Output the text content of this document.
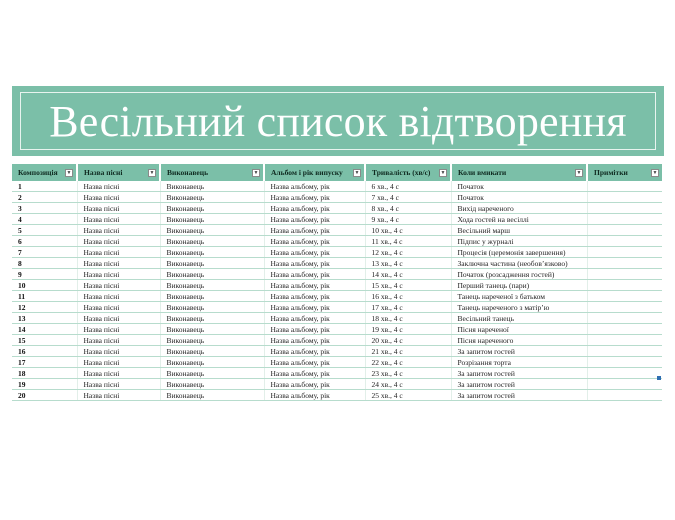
Весільний список відтворення
Композиція ▼	Назва пісні ▼	Виконавець ▼	Альбом і рік випуску ▼	Тривалість (хв/с) ▼	Коли вмикати ▼	Примітки ▼

1	Назва пісні	Виконавець	Назва альбому, рік	6 хв., 4 с	Початок	
2	Назва пісні	Виконавець	Назва альбому, рік	7 хв., 4 с	Початок	
3	Назва пісні	Виконавець	Назва альбому, рік	8 хв., 4 с	Вихід нареченого	
4	Назва пісні	Виконавець	Назва альбому, рік	9 хв., 4 с	Хода гостей на весіллі	
5	Назва пісні	Виконавець	Назва альбому, рік	10 хв., 4 с	Весільний марш	
6	Назва пісні	Виконавець	Назва альбому, рік	11 хв., 4 с	Підпис у журналі	
7	Назва пісні	Виконавець	Назва альбому, рік	12 хв., 4 с	Процесія (церемонія завершення)	
8	Назва пісні	Виконавець	Назва альбому, рік	13 хв., 4 с	Заключна частина (необов’язково)	
9	Назва пісні	Виконавець	Назва альбому, рік	14 хв., 4 с	Початок (розсадження гостей)	
10	Назва пісні	Виконавець	Назва альбому, рік	15 хв., 4 с	Перший танець (пари)	
11	Назва пісні	Виконавець	Назва альбому, рік	16 хв., 4 с	Танець нареченої з батьком	
12	Назва пісні	Виконавець	Назва альбому, рік	17 хв., 4 с	Танець нареченого з матір’ю	
13	Назва пісні	Виконавець	Назва альбому, рік	18 хв., 4 с	Весільний танець	
14	Назва пісні	Виконавець	Назва альбому, рік	19 хв., 4 с	Пісня нареченої	
15	Назва пісні	Виконавець	Назва альбому, рік	20 хв., 4 с	Пісня нареченого	
16	Назва пісні	Виконавець	Назва альбому, рік	21 хв., 4 с	За запитом гостей	
17	Назва пісні	Виконавець	Назва альбому, рік	22 хв., 4 с	Розрізання торта	
18	Назва пісні	Виконавець	Назва альбому, рік	23 хв., 4 с	За запитом гостей	
19	Назва пісні	Виконавець	Назва альбому, рік	24 хв., 4 с	За запитом гостей	
20	Назва пісні	Виконавець	Назва альбому, рік	25 хв., 4 с	За запитом гостей	
